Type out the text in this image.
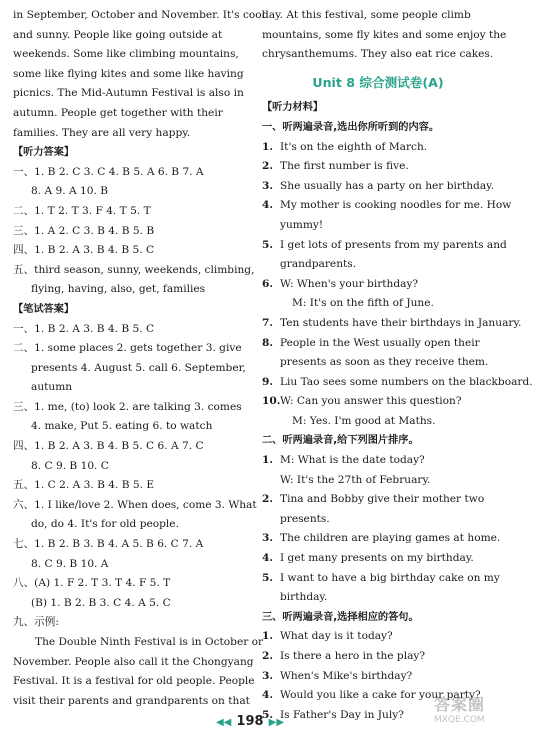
in September, October and November. It's cool
and sunny. People like going outside at
weekends. Some like climbing mountains,
some like flying kites and some like having
picnics. The Mid-Autumn Festival is also in
autumn. People get together with their
families. They are all very happy.
【听力答案】
一、1. B 2. C 3. C 4. B 5. A 6. B 7. A
8. A 9. A 10. B
二、1. T 2. T 3. F 4. T 5. T
三、1. A 2. C 3. B 4. B 5. B
四、1. B 2. A 3. B 4. B 5. C
五、third season, sunny, weekends, climbing,
flying, having, also, get, families
【笔试答案】
一、1. B 2. A 3. B 4. B 5. C
二、1. some places 2. gets together 3. give
presents 4. August 5. call 6. September,
autumn
三、1. me, (to) look 2. are talking 3. comes
4. make, Put 5. eating 6. to watch
四、1. B 2. A 3. B 4. B 5. C 6. A 7. C
8. C 9. B 10. C
五、1. C 2. A 3. B 4. B 5. E
六、1. I like/love 2. When does, come 3. What
do, do 4. It's for old people.
七、1. B 2. B 3. B 4. A 5. B 6. C 7. A
8. C 9. B 10. A
八、(A) 1. F 2. T 3. T 4. F 5. T
(B) 1. B 2. B 3. C 4. A 5. C
九、示例:
The Double Ninth Festival is in October or
November. People also call it the Chongyang
Festival. It is a festival for old people. People
visit their parents and grandparents on that
day. At this festival, some people climb
mountains, some fly kites and some enjoy the
chrysanthemums. They also eat rice cakes.
Unit 8 综合测试卷(A)
【听力材料】
一、听两遍录音,选出你所听到的内容。
1. It's on the eighth of March.
2. The first number is five.
3. She usually has a party on her birthday.
4. My mother is cooking noodles for me. How
yummy!
5. I get lots of presents from my parents and
grandparents.
6. W: When's your birthday?
M: It's on the fifth of June.
7. Ten students have their birthdays in January.
8. People in the West usually open their
presents as soon as they receive them.
9. Liu Tao sees some numbers on the blackboard.
10. W: Can you answer this question?
M: Yes. I'm good at Maths.
二、听两遍录音,给下列图片排序。
1. M: What is the date today?
W: It's the 27th of February.
2. Tina and Bobby give their mother two
presents.
3. The children are playing games at home.
4. I get many presents on my birthday.
5. I want to have a big birthday cake on my
birthday.
三、听两遍录音,选择相应的答句。
1. What day is it today?
2. Is there a hero in the play?
3. When's Mike's birthday?
4. Would you like a cake for your party?
5. Is Father's Day in July?
◀◀ 198 ▶▶
答案圈
MXQE.COM
